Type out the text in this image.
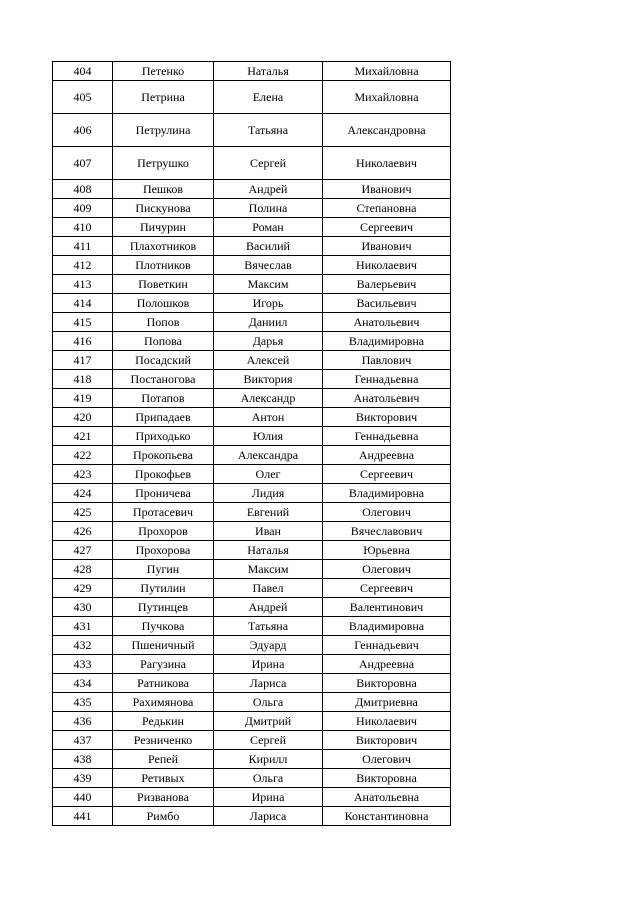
404	Петенко	Наталья	Михайловна
405	Петрина	Елена	Михайловна
406	Петрулина	Татьяна	Александровна
407	Петрушко	Сергей	Николаевич
408	Пешков	Андрей	Иванович
409	Пискунова	Полина	Степановна
410	Пичурин	Роман	Сергеевич
411	Плахотников	Василий	Иванович
412	Плотников	Вячеслав	Николаевич
413	Поветкин	Максим	Валерьевич
414	Полошков	Игорь	Васильевич
415	Попов	Даниил	Анатольевич
416	Попова	Дарья	Владимировна
417	Посадский	Алексей	Павлович
418	Постаногова	Виктория	Геннадьевна
419	Потапов	Александр	Анатольевич
420	Припадаев	Антон	Викторович
421	Приходько	Юлия	Геннадьевна
422	Прокопьева	Александра	Андреевна
423	Прокофьев	Олег	Сергеевич
424	Проничева	Лидия	Владимировна
425	Протасевич	Евгений	Олегович
426	Прохоров	Иван	Вячеславович
427	Прохорова	Наталья	Юрьевна
428	Пугин	Максим	Олегович
429	Путилин	Павел	Сергеевич
430	Путинцев	Андрей	Валентинович
431	Пучкова	Татьяна	Владимировна
432	Пшеничный	Эдуард	Геннадьевич
433	Рагузина	Ирина	Андреевна
434	Ратникова	Лариса	Викторовна
435	Рахимянова	Ольга	Дмитриевна
436	Редькин	Дмитрий	Николаевич
437	Резниченко	Сергей	Викторович
438	Репей	Кирилл	Олегович
439	Ретивых	Ольга	Викторовна
440	Ризванова	Ирина	Анатольевна
441	Римбо	Лариса	Константиновна
